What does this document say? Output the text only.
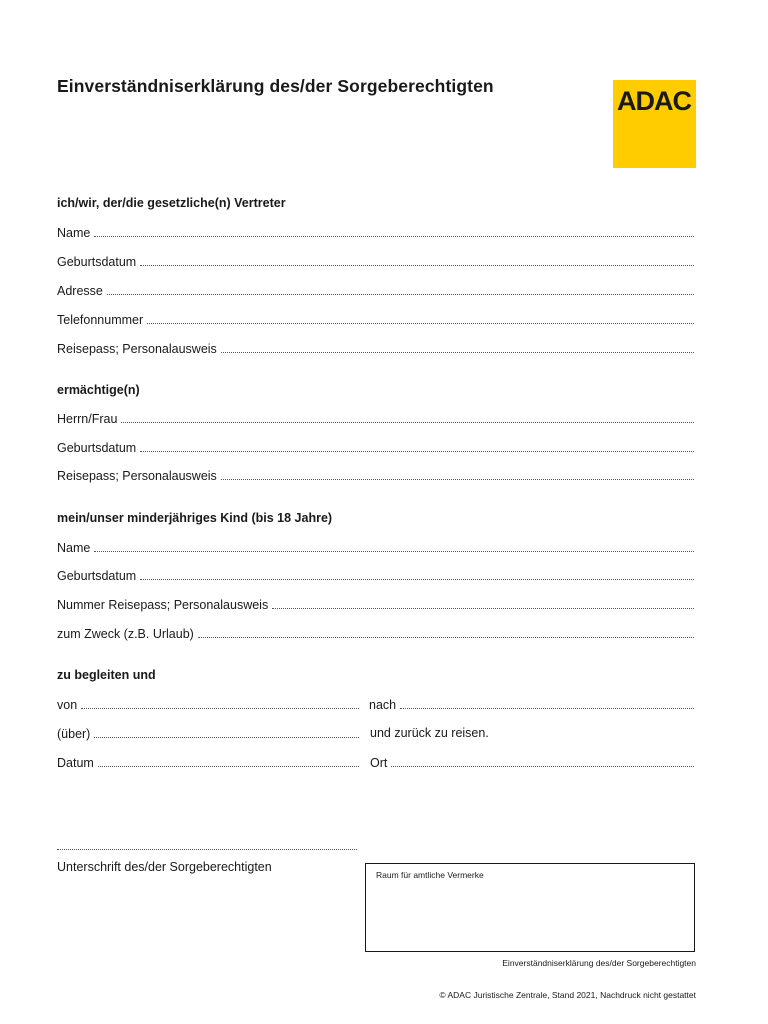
Einverständniserklärung des/der Sorgeberechtigten	ADAC
ich/wir, der/die gesetzliche(n) Vertreter
Name
Geburtsdatum
Adresse
Telefonnummer
Reisepass; Personalausweis
ermächtige(n)
Herrn/Frau
Geburtsdatum
Reisepass; Personalausweis
mein/unser minderjähriges Kind (bis 18 Jahre)
Name
Geburtsdatum
Nummer Reisepass; Personalausweis
zum Zweck (z.B. Urlaub)
zu begleiten und
von	nach
(über)	und zurück zu reisen.
Datum	Ort
Unterschrift des/der Sorgeberechtigten
Raum für amtliche Vermerke
Einverständniserklärung des/der Sorgeberechtigten
© ADAC Juristische Zentrale, Stand 2021, Nachdruck nicht gestattet
